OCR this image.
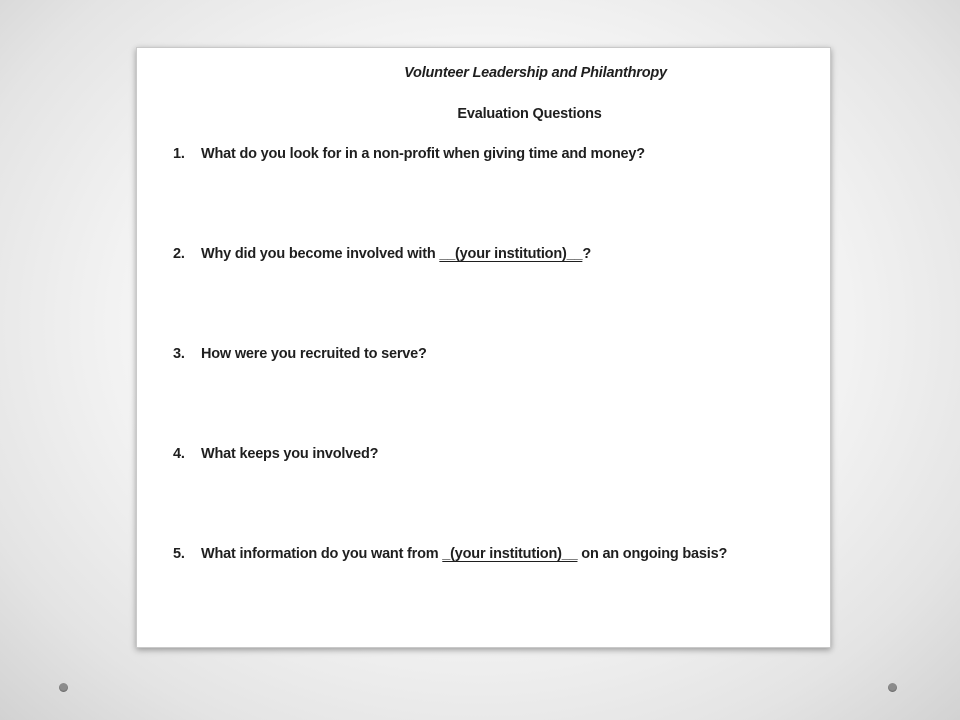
Volunteer Leadership and Philanthropy
Evaluation Questions
1. What do you look for in a non-profit when giving time and money?
2. Why did you become involved with __(your institution)__?
3. How were you recruited to serve?
4. What keeps you involved?
5. What information do you want from _(your institution)__ on an ongoing basis?
